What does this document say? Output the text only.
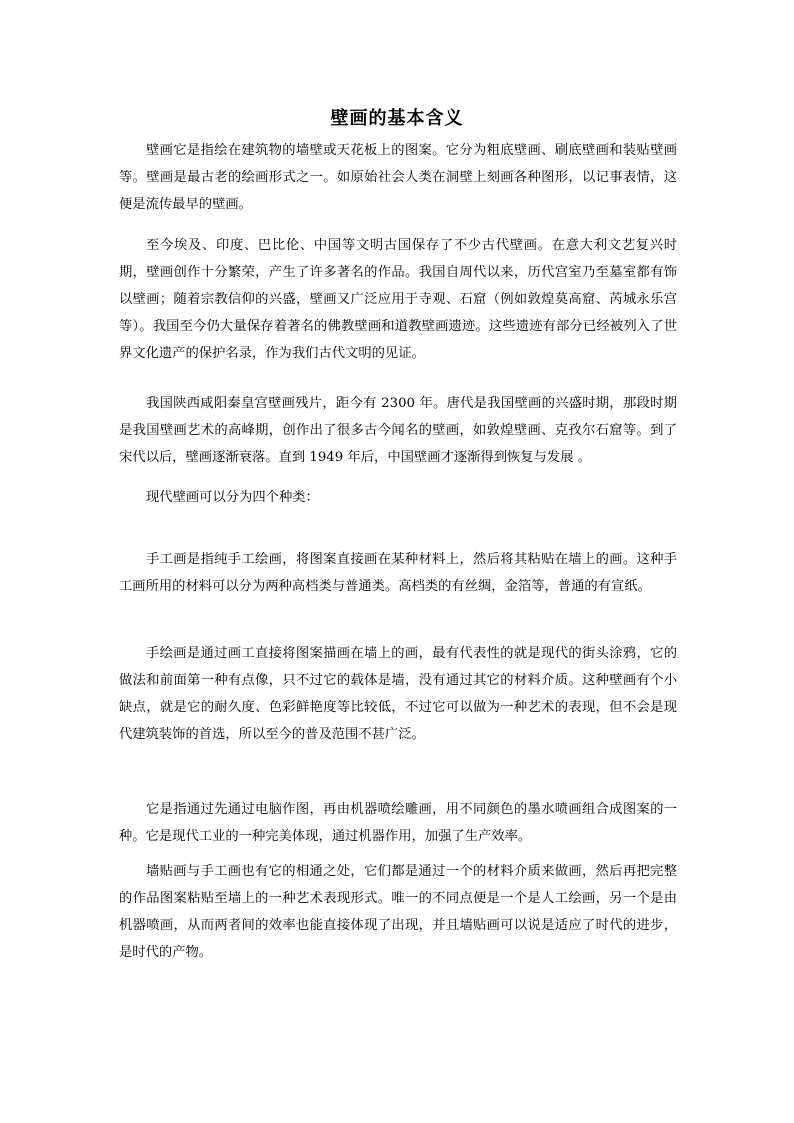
壁画的基本含义

壁画它是指绘在建筑物的墙壁或天花板上的图案。它分为粗底壁画、刷底壁画和装贴壁画等。壁画是最古老的绘画形式之一。如原始社会人类在洞壁上刻画各种图形，以记事表情，这便是流传最早的壁画。

至今埃及、印度、巴比伦、中国等文明古国保存了不少古代壁画。在意大利文艺复兴时期，壁画创作十分繁荣，产生了许多著名的作品。我国自周代以来，历代宫室乃至墓室都有饰以壁画；随着宗教信仰的兴盛，壁画又广泛应用于寺观、石窟（例如敦煌莫高窟、芮城永乐宫等）。我国至今仍大量保存着著名的佛教壁画和道教壁画遗迹。这些遗迹有部分已经被列入了世界文化遗产的保护名录，作为我们古代文明的见证。

我国陕西咸阳秦皇宫壁画残片，距今有 2300 年。唐代是我国壁画的兴盛时期，那段时期是我国壁画艺术的高峰期，创作出了很多古今闻名的壁画，如敦煌壁画、克孜尔石窟等。到了宋代以后，壁画逐渐衰落。直到 1949 年后，中国壁画才逐渐得到恢复与发展 。

现代壁画可以分为四个种类：

手工画是指纯手工绘画，将图案直接画在某种材料上，然后将其粘贴在墙上的画。这种手工画所用的材料可以分为两种高档类与普通类。高档类的有丝绸，金箔等，普通的有宣纸。

手绘画是通过画工直接将图案描画在墙上的画，最有代表性的就是现代的街头涂鸦，它的做法和前面第一种有点像，只不过它的载体是墙，没有通过其它的材料介质。这种壁画有个小缺点，就是它的耐久度、色彩鲜艳度等比较低，不过它可以做为一种艺术的表现，但不会是现代建筑装饰的首选，所以至今的普及范围不甚广泛。

它是指通过先通过电脑作图，再由机器喷绘雕画，用不同颜色的墨水喷画组合成图案的一种。它是现代工业的一种完美体现，通过机器作用，加强了生产效率。

墙贴画与手工画也有它的相通之处，它们都是通过一个的材料介质来做画，然后再把完整的作品图案粘贴至墙上的一种艺术表现形式。唯一的不同点便是一个是人工绘画，另一个是由机器喷画，从而两者间的效率也能直接体现了出现，并且墙贴画可以说是适应了时代的进步，是时代的产物。
